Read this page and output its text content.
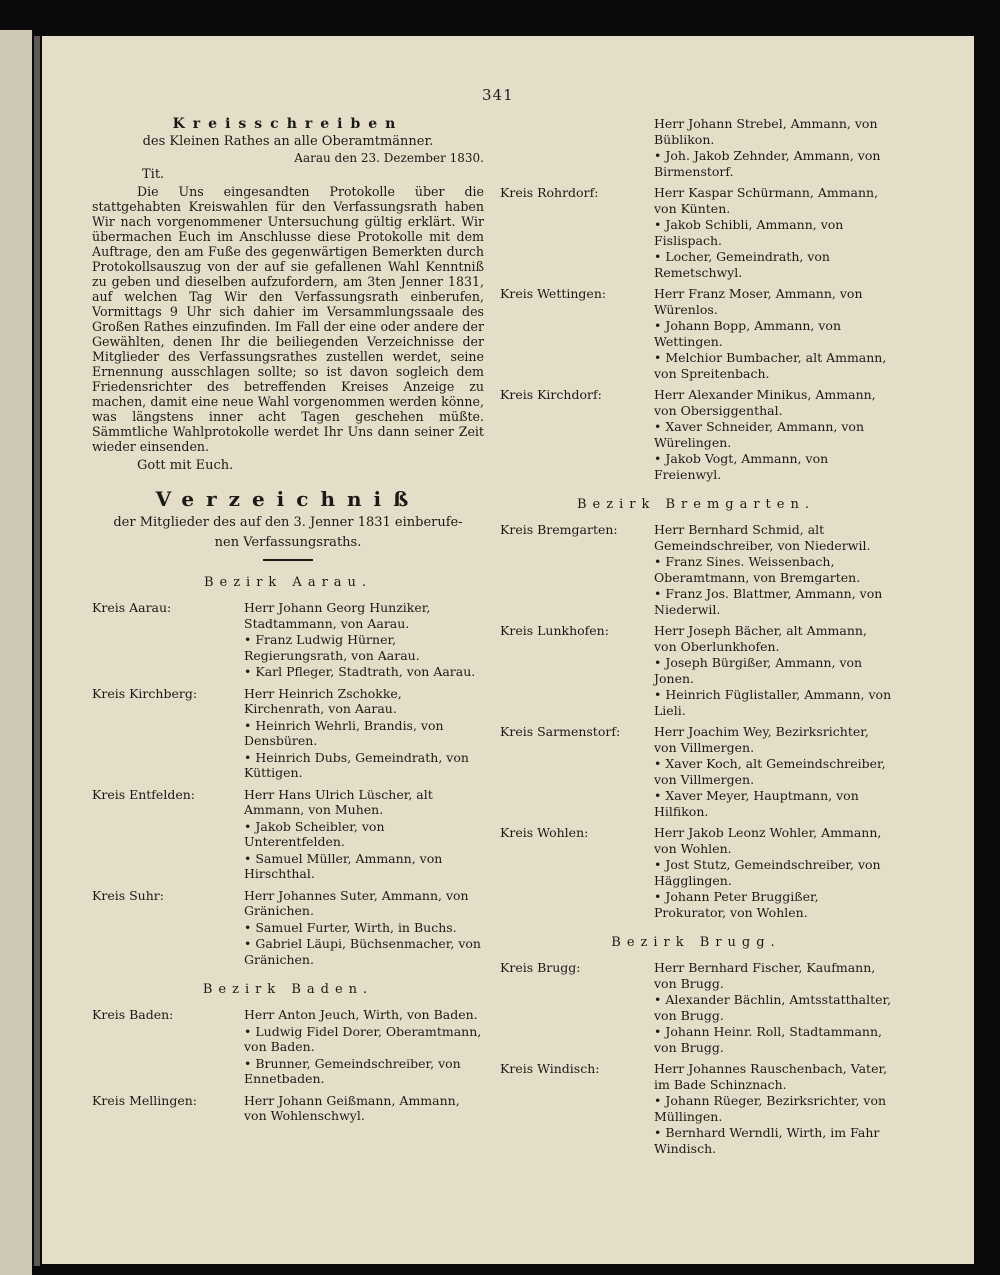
341
Kreisschreiben
des Kleinen Rathes an alle Oberamtmänner.
Aarau den 23. Dezember 1830.
Tit.

Die Uns eingesandten Protokolle über die stattgehabten Kreiswahlen für den Verfassungsrath haben Wir nach vorgenommener Untersuchung gültig erklärt. Wir übermachen Euch im Anschlusse diese Protokolle mit dem Auftrage, den am Fuße des gegenwärtigen Bemerkten durch Protokollsauszug von der auf sie gefallenen Wahl Kenntniß zu geben und dieselben aufzufordern, am 3ten Jenner 1831, auf welchen Tag Wir den Verfassungsrath einberufen, Vormittags 9 Uhr sich dahier im Versammlungssaale des Großen Rathes einzufinden. Im Fall der eine oder andere der Gewählten, denen Ihr die beiliegenden Verzeichnisse der Mitglieder des Verfassungsrathes zustellen werdet, seine Ernennung ausschlagen sollte; so ist davon sogleich dem Friedensrichter des betreffenden Kreises Anzeige zu machen, damit eine neue Wahl vorgenommen werden könne, was längstens inner acht Tagen geschehen müßte. Sämmtliche Wahlprotokolle werdet Ihr Uns dann seiner Zeit wieder einsenden.

Gott mit Euch.
Verzeichniß
der Mitglieder des auf den 3. Jenner 1831 einberufe-
nen Verfassungsraths.
Bezirk Aarau.
Kreis Aarau:	Herr Johann Georg Hunziker, Stadtammann, von Aarau.
• Franz Ludwig Hürner, Regierungsrath, von Aarau.
• Karl Pfleger, Stadtrath, von Aarau.
Kreis Kirchberg:	Herr Heinrich Zschokke, Kirchenrath, von Aarau.
• Heinrich Wehrli, Brandis, von Densbüren.
• Heinrich Dubs, Gemeindrath, von Küttigen.
Kreis Entfelden:	Herr Hans Ulrich Lüscher, alt Ammann, von Muhen.
• Jakob Scheibler, von Unterentfelden.
• Samuel Müller, Ammann, von Hirschthal.
Kreis Suhr:	Herr Johannes Suter, Ammann, von Gränichen.
• Samuel Furter, Wirth, in Buchs.
• Gabriel Läupi, Büchsenmacher, von Gränichen.
Bezirk Baden.
Kreis Baden:	Herr Anton Jeuch, Wirth, von Baden.
• Ludwig Fidel Dorer, Oberamtmann, von Baden.
• Brunner, Gemeindschreiber, von Ennetbaden.
Kreis Mellingen:	Herr Johann Geißmann, Ammann, von Wohlenschwyl.
Herr Johann Strebel, Ammann, von Büblikon.
• Joh. Jakob Zehnder, Ammann, von Birmenstorf.
Kreis Rohrdorf:	Herr Kaspar Schürmann, Ammann, von Künten.
• Jakob Schibli, Ammann, von Fislispach.
• Locher, Gemeindrath, von Remetschwyl.
Kreis Wettingen:	Herr Franz Moser, Ammann, von Würenlos.
• Johann Bopp, Ammann, von Wettingen.
• Melchior Bumbacher, alt Ammann, von Spreitenbach.
Kreis Kirchdorf:	Herr Alexander Minikus, Ammann, von Obersiggenthal.
• Xaver Schneider, Ammann, von Würelingen.
• Jakob Vogt, Ammann, von Freienwyl.
Bezirk Bremgarten.
Kreis Bremgarten:	Herr Bernhard Schmid, alt Gemeindschreiber, von Niederwil.
• Franz Sines. Weissenbach, Oberamtmann, von Bremgarten.
• Franz Jos. Blattmer, Ammann, von Niederwil.
Kreis Lunkhofen:	Herr Joseph Bächer, alt Ammann, von Oberlunkhofen.
• Joseph Bürgißer, Ammann, von Jonen.
• Heinrich Füglistaller, Ammann, von Lieli.
Kreis Sarmenstorf:	Herr Joachim Wey, Bezirksrichter, von Villmergen.
• Xaver Koch, alt Gemeindschreiber, von Villmergen.
• Xaver Meyer, Hauptmann, von Hilfikon.
Kreis Wohlen:	Herr Jakob Leonz Wohler, Ammann, von Wohlen.
• Jost Stutz, Gemeindschreiber, von Hägglingen.
• Johann Peter Bruggißer, Prokurator, von Wohlen.
Bezirk Brugg.
Kreis Brugg:	Herr Bernhard Fischer, Kaufmann, von Brugg.
• Alexander Bächlin, Amtsstatthalter, von Brugg.
• Johann Heinr. Roll, Stadtammann, von Brugg.
Kreis Windisch:	Herr Johannes Rauschenbach, Vater, im Bade Schinznach.
• Johann Rüeger, Bezirksrichter, von Müllingen.
• Bernhard Werndli, Wirth, im Fahr Windisch.
